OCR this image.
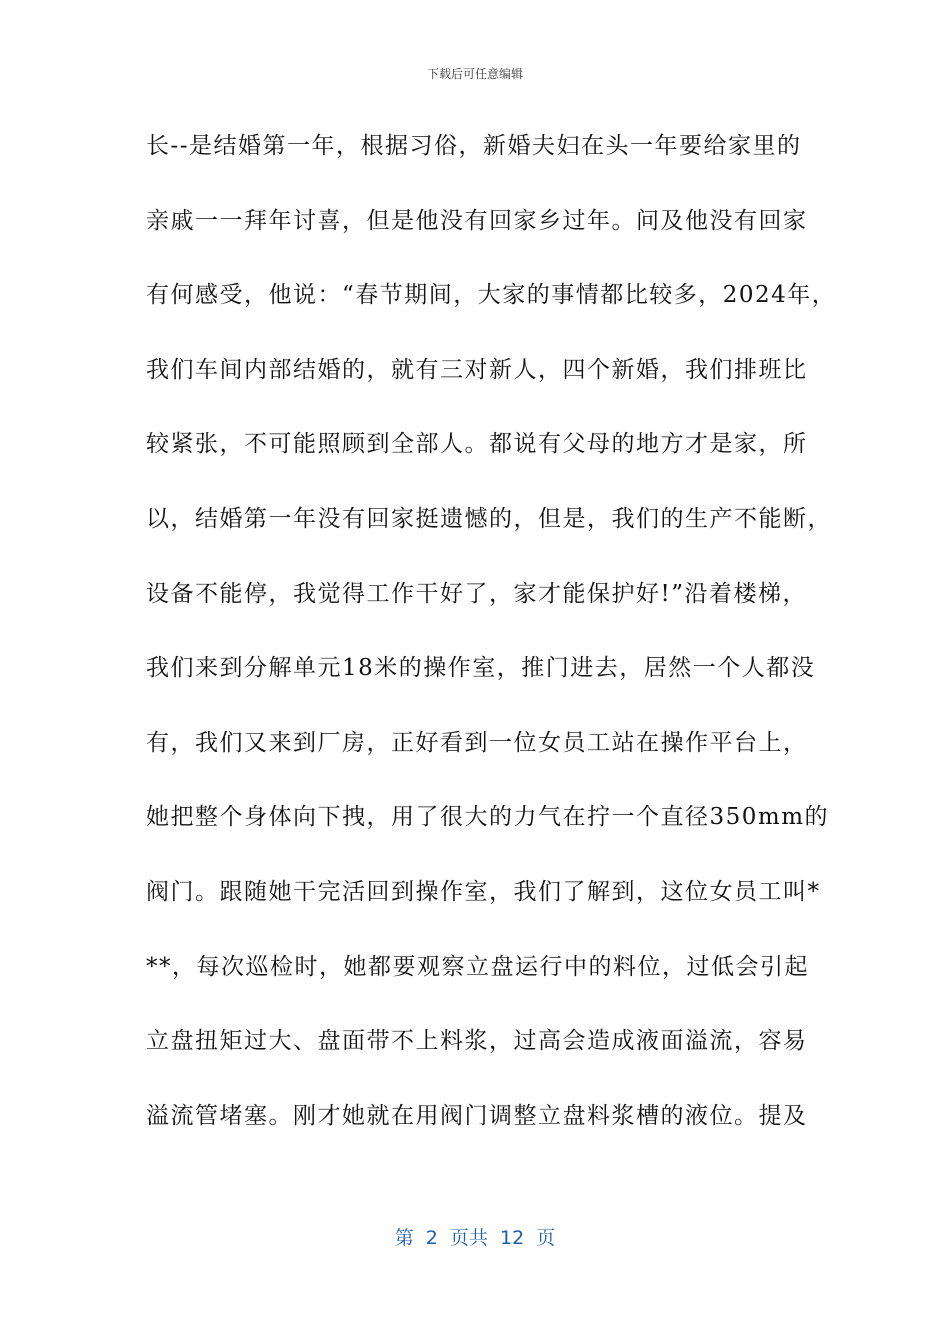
下载后可任意编辑
长--是结婚第一年，根据习俗，新婚夫妇在头一年要给家里的
亲戚一一拜年讨喜，但是他没有回家乡过年。问及他没有回家
有何感受，他说：“春节期间，大家的事情都比较多，2024年，
我们车间内部结婚的，就有三对新人，四个新婚，我们排班比
较紧张，不可能照顾到全部人。都说有父母的地方才是家，所
以，结婚第一年没有回家挺遗憾的，但是，我们的生产不能断，
设备不能停，我觉得工作干好了，家才能保护好!”沿着楼梯，
我们来到分解单元18米的操作室，推门进去，居然一个人都没
有，我们又来到厂房，正好看到一位女员工站在操作平台上，
她把整个身体向下拽，用了很大的力气在拧一个直径350mm的
阀门。跟随她干完活回到操作室，我们了解到，这位女员工叫*
**，每次巡检时，她都要观察立盘运行中的料位，过低会引起
立盘扭矩过大、盘面带不上料浆，过高会造成液面溢流，容易
溢流管堵塞。刚才她就在用阀门调整立盘料浆槽的液位。提及
第  2  页共  12  页
